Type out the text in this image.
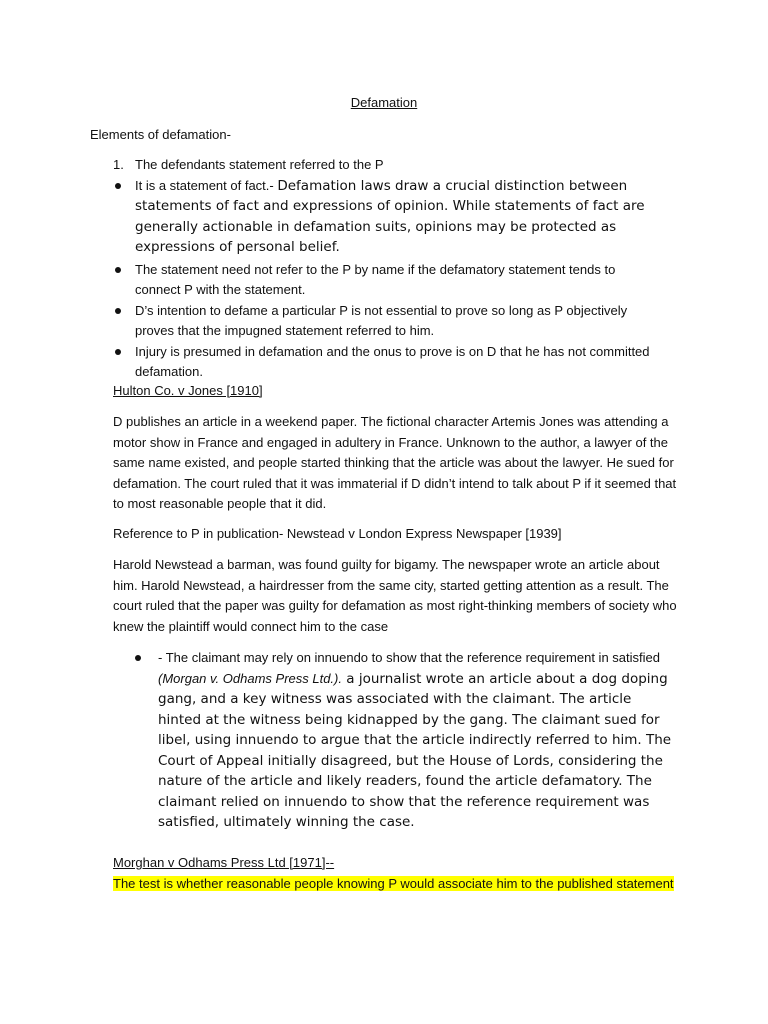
Defamation
Elements of defamation-
1. The defendants statement referred to the P
It is a statement of fact.- Defamation laws draw a crucial distinction between statements of fact and expressions of opinion. While statements of fact are generally actionable in defamation suits, opinions may be protected as expressions of personal belief.
The statement need not refer to the P by name if the defamatory statement tends to connect P with the statement.
D’s intention to defame a particular P is not essential to prove so long as P objectively proves that the impugned statement referred to him.
Injury is presumed in defamation and the onus to prove is on D that he has not committed defamation.

Hulton Co. v Jones [1910]

D publishes an article in a weekend paper. The fictional character Artemis Jones was attending a motor show in France and engaged in adultery in France. Unknown to the author, a lawyer of the same name existed, and people started thinking that the article was about the lawyer. He sued for defamation. The court ruled that it was immaterial if D didn’t intend to talk about P if it seemed that to most reasonable people that it did.

Reference to P in publication- Newstead v London Express Newspaper [1939]

Harold Newstead a barman, was found guilty for bigamy. The newspaper wrote an article about him. Harold Newstead, a hairdresser from the same city, started getting attention as a result. The court ruled that the paper was guilty for defamation as most right-thinking members of society who knew the plaintiff would connect him to the case

- The claimant may rely on innuendo to show that the reference requirement in satisfied (Morgan v. Odhams Press Ltd.). a journalist wrote an article about a dog doping gang, and a key witness was associated with the claimant. The article hinted at the witness being kidnapped by the gang. The claimant sued for libel, using innuendo to argue that the article indirectly referred to him. The Court of Appeal initially disagreed, but the House of Lords, considering the nature of the article and likely readers, found the article defamatory. The claimant relied on innuendo to show that the reference requirement was satisfied, ultimately winning the case.

Morghan v Odhams Press Ltd [1971]--

The test is whether reasonable people knowing P would associate him to the published statement
